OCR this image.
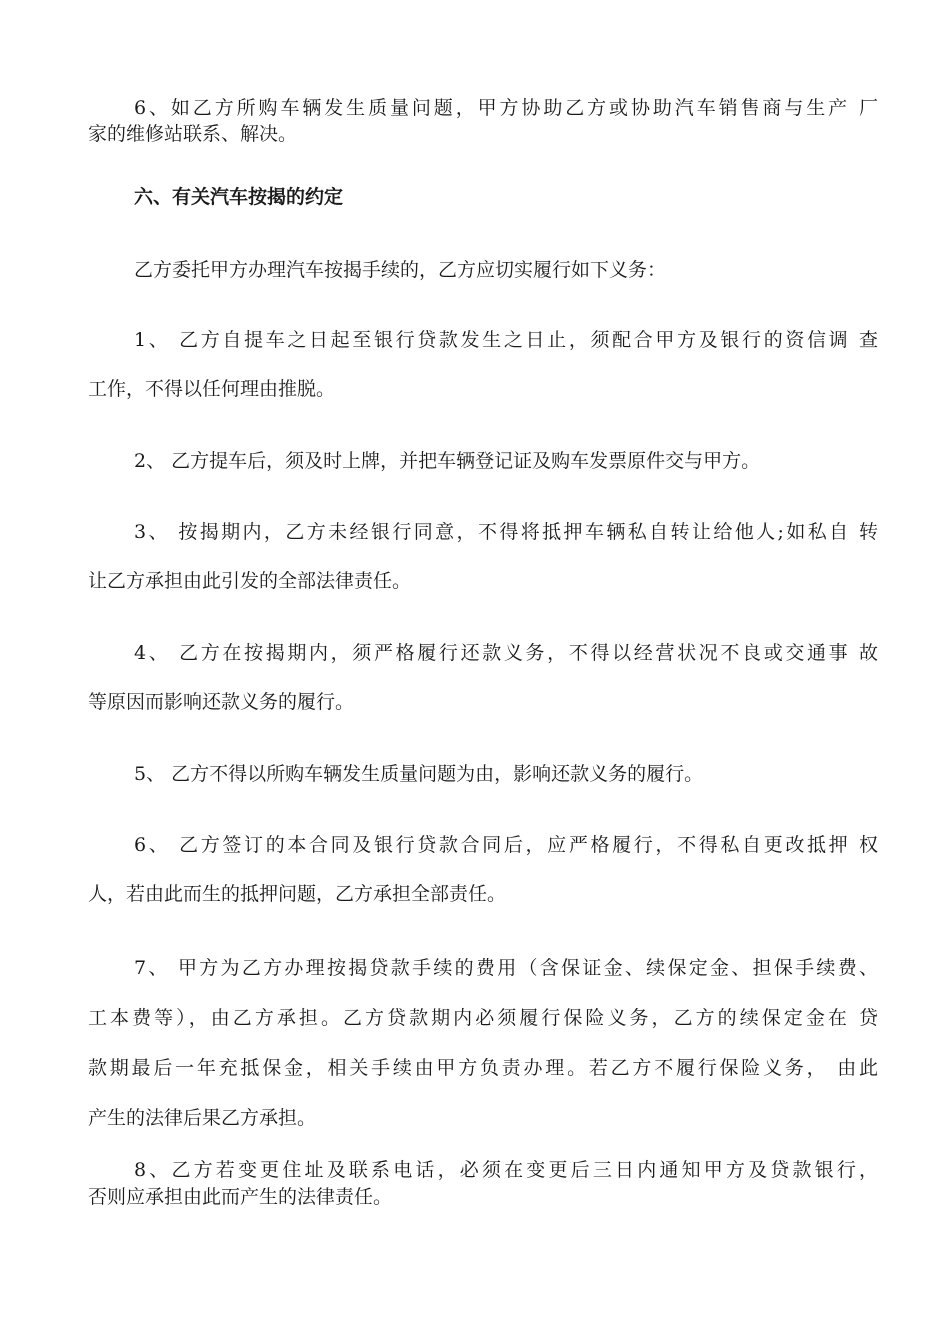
6、如乙方所购车辆发生质量问题，甲方协助乙方或协助汽车销售商与生产 厂
家的维修站联系、解决。
六、有关汽车按揭的约定
乙方委托甲方办理汽车按揭手续的，乙方应切实履行如下义务：
1、 乙方自提车之日起至银行贷款发生之日止，须配合甲方及银行的资信调 查
工作，不得以任何理由推脱。
2、 乙方提车后，须及时上牌，并把车辆登记证及购车发票原件交与甲方。
3、 按揭期内，乙方未经银行同意，不得将抵押车辆私自转让给他人;如私自 转
让乙方承担由此引发的全部法律责任。
4、 乙方在按揭期内，须严格履行还款义务，不得以经营状况不良或交通事 故
等原因而影响还款义务的履行。
5、 乙方不得以所购车辆发生质量问题为由，影响还款义务的履行。
6、 乙方签订的本合同及银行贷款合同后，应严格履行，不得私自更改抵押 权
人，若由此而生的抵押问题，乙方承担全部责任。
7、 甲方为乙方办理按揭贷款手续的费用（含保证金、续保定金、担保手续费、
工本费等），由乙方承担。乙方贷款期内必须履行保险义务，乙方的续保定金在 贷
款期最后一年充抵保金，相关手续由甲方负责办理。若乙方不履行保险义务， 由此
产生的法律后果乙方承担。
8、乙方若变更住址及联系电话，必须在变更后三日内通知甲方及贷款银行，
否则应承担由此而产生的法律责任。
